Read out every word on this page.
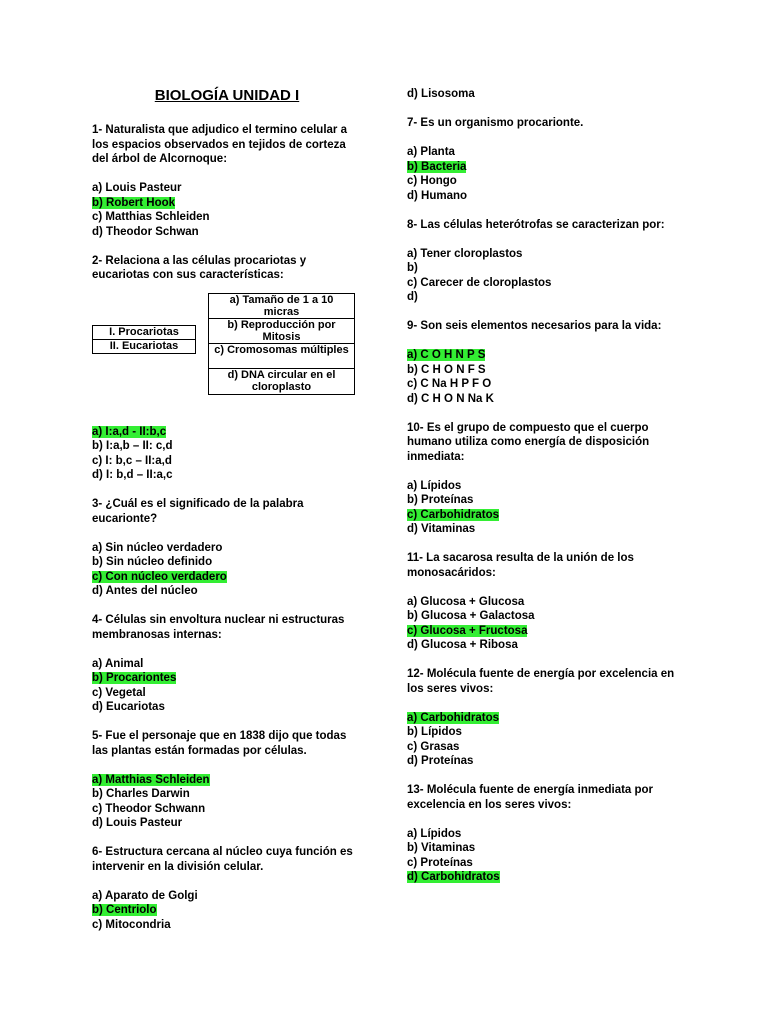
BIOLOGÍA UNIDAD I

1- Naturalista que adjudico el termino celular a los espacios observados en tejidos de corteza del árbol de Alcornoque:

a) Louis Pasteur
b) Robert Hook
c) Matthias Schleiden
d) Theodor Schwan

2- Relaciona a las células procariotas y eucariotas con sus características:

I. Procariotas
II. Eucariotas
a) Tamaño de 1 a 10 micras
b) Reproducción por Mitosis
c) Cromosomas múltiples
d) DNA circular en el cloroplasto
a) I:a,d - II:b,c
b) I:a,b – II: c,d
c) I: b,c – II:a,d
d) I: b,d – II:a,c

3- ¿Cuál es el significado de la palabra eucarionte?

a) Sin núcleo verdadero
b) Sin núcleo definido
c) Con núcleo verdadero
d) Antes del núcleo

4- Células sin envoltura nuclear ni estructuras membranosas internas:

a) Animal
b) Procariontes
c) Vegetal
d) Eucariotas

5- Fue el personaje que en 1838 dijo que todas las plantas están formadas por células.

a) Matthias Schleiden
b) Charles Darwin
c) Theodor Schwann
d) Louis Pasteur

6- Estructura cercana al núcleo cuya función es intervenir en la división celular.

a) Aparato de Golgi
b) Centriolo
c) Mitocondria
d) Lisosoma

7- Es un organismo procarionte.

a) Planta
b) Bacteria
c) Hongo
d) Humano

8- Las células heterótrofas se caracterizan por:

a) Tener cloroplastos
b)
c) Carecer de cloroplastos
d)

9- Son seis elementos necesarios para la vida:

a) C O H N P S
b) C H O N F S
c) C Na H P F O
d) C H O N Na K

10- Es el grupo de compuesto que el cuerpo humano utiliza como energía de disposición inmediata:

a) Lípidos
b) Proteínas
c) Carbohidratos
d) Vitaminas

11- La sacarosa resulta de la unión de los monosacáridos:

a) Glucosa + Glucosa
b) Glucosa + Galactosa
c) Glucosa + Fructosa
d) Glucosa + Ribosa

12- Molécula fuente de energía por excelencia en los seres vivos:

a) Carbohidratos
b) Lípidos
c) Grasas
d) Proteínas

13- Molécula fuente de energía inmediata por excelencia en los seres vivos:

a) Lípidos
b) Vitaminas
c) Proteínas
d) Carbohidratos
